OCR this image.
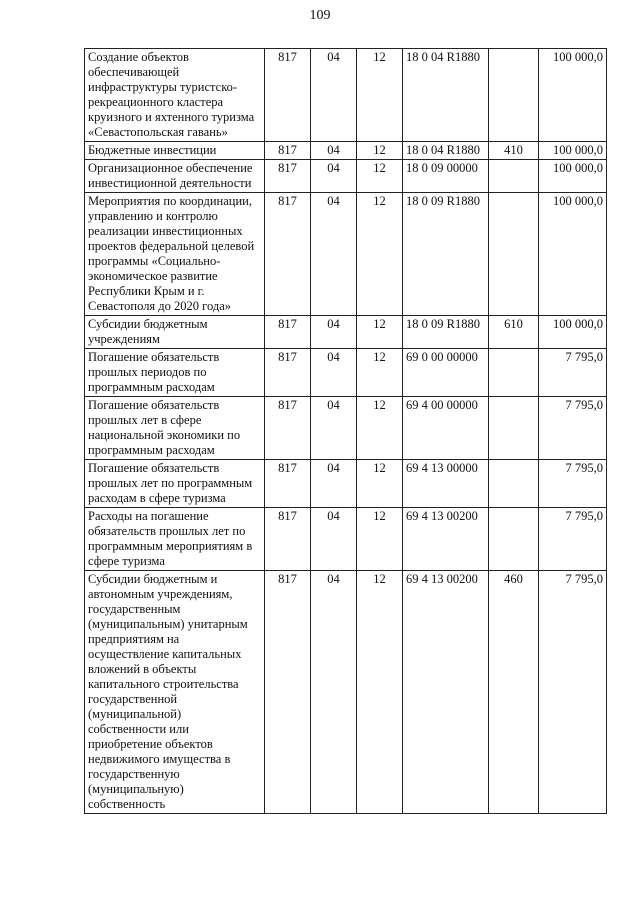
109
Создание объектов обеспечивающей инфраструктуры туристско-рекреационного кластера круизного и яхтенного туризма «Севастопольская гавань»	817	04	12	18 0 04 R1880		100 000,0
Бюджетные инвестиции	817	04	12	18 0 04 R1880	410	100 000,0
Организационное обеспечение инвестиционной деятельности	817	04	12	18 0 09 00000		100 000,0
Мероприятия по координации, управлению и контролю реализации инвестиционных проектов федеральной целевой программы «Социально-экономическое развитие Республики Крым и г. Севастополя до 2020 года»	817	04	12	18 0 09 R1880		100 000,0
Субсидии бюджетным учреждениям	817	04	12	18 0 09 R1880	610	100 000,0
Погашение обязательств прошлых периодов по программным расходам	817	04	12	69 0 00 00000		7 795,0
Погашение обязательств прошлых лет в сфере национальной экономики по программным расходам	817	04	12	69 4 00 00000		7 795,0
Погашение обязательств прошлых лет по программным расходам в сфере туризма	817	04	12	69 4 13 00000		7 795,0
Расходы на погашение обязательств прошлых лет по программным мероприятиям в сфере туризма	817	04	12	69 4 13 00200		7 795,0
Субсидии бюджетным и автономным учреждениям, государственным (муниципальным) унитарным предприятиям на осуществление капитальных вложений в объекты капитального строительства государственной (муниципальной) собственности или приобретение объектов недвижимого имущества в государственную (муниципальную) собственность	817	04	12	69 4 13 00200	460	7 795,0
